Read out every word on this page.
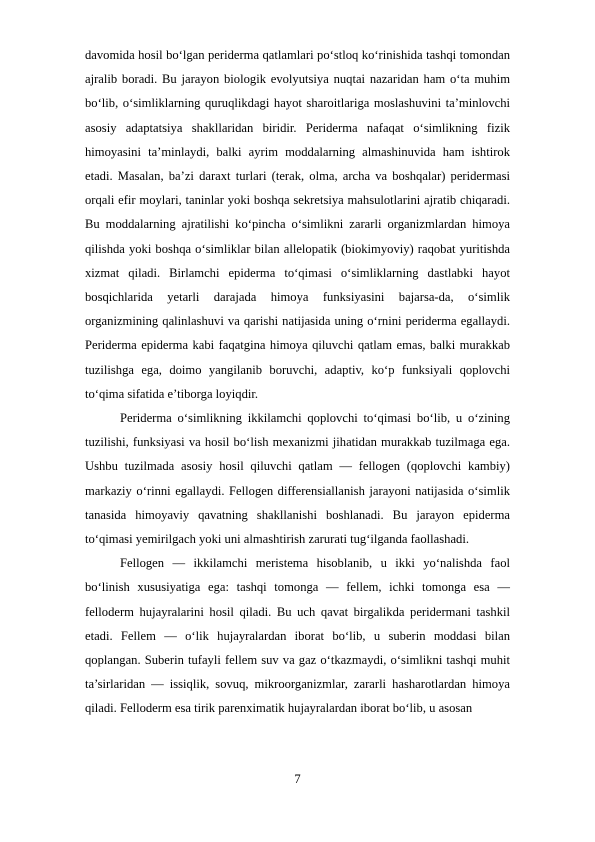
davomida hosil bo‘lgan periderma qatlamlari po‘stloq ko‘rinishida tashqi tomondan ajralib boradi. Bu jarayon biologik evolyutsiya nuqtai nazaridan ham o‘ta muhim bo‘lib, o‘simliklarning quruqlikdagi hayot sharoitlariga moslashuvini ta’minlovchi asosiy adaptatsiya shakllaridan biridir. Periderma nafaqat o‘simlikning fizik himoyasini ta’minlaydi, balki ayrim moddalarning almashinuvida ham ishtirok etadi. Masalan, ba’zi daraxt turlari (terak, olma, archa va boshqalar) peridermasi orqali efir moylari, taninlar yoki boshqa sekretsiya mahsulotlarini ajratib chiqaradi. Bu moddalarning ajratilishi ko‘pincha o‘simlikni zararli organizmlardan himoya qilishda yoki boshqa o‘simliklar bilan allelopatik (biokimyoviy) raqobat yuritishda xizmat qiladi. Birlamchi epiderma to‘qimasi o‘simliklarning dastlabki hayot bosqichlarida yetarli darajada himoya funksiyasini bajarsa-da, o‘simlik organizmining qalinlashuvi va qarishi natijasida uning o‘rnini periderma egallaydi. Periderma epiderma kabi faqatgina himoya qiluvchi qatlam emas, balki murakkab tuzilishga ega, doimo yangilanib boruvchi, adaptiv, ko‘p funksiyali qoplovchi to‘qima sifatida e’tiborga loyiqdir.

Periderma o‘simlikning ikkilamchi qoplovchi to‘qimasi bo‘lib, u o‘zining tuzilishi, funksiyasi va hosil bo‘lish mexanizmi jihatidan murakkab tuzilmaga ega. Ushbu tuzilmada asosiy hosil qiluvchi qatlam — fellogen (qoplovchi kambiy) markaziy o‘rinni egallaydi. Fellogen differensiallanish jarayoni natijasida o‘simlik tanasida himoyaviy qavatning shakllanishi boshlanadi. Bu jarayon epiderma to‘qimasi yemirilgach yoki uni almashtirish zarurati tug‘ilganda faollashadi.

Fellogen — ikkilamchi meristema hisoblanib, u ikki yo‘nalishda faol bo‘linish xususiyatiga ega: tashqi tomonga — fellem, ichki tomonga esa — felloderm hujayralarini hosil qiladi. Bu uch qavat birgalikda peridermani tashkil etadi. Fellem — o‘lik hujayralardan iborat bo‘lib, u suberin moddasi bilan qoplangan. Suberin tufayli fellem suv va gaz o‘tkazmaydi, o‘simlikni tashqi muhit ta’sirlaridan — issiqlik, sovuq, mikroorganizmlar, zararli hasharotlardan himoya qiladi. Felloderm esa tirik parenximatik hujayralardan iborat bo‘lib, u asosan

7
